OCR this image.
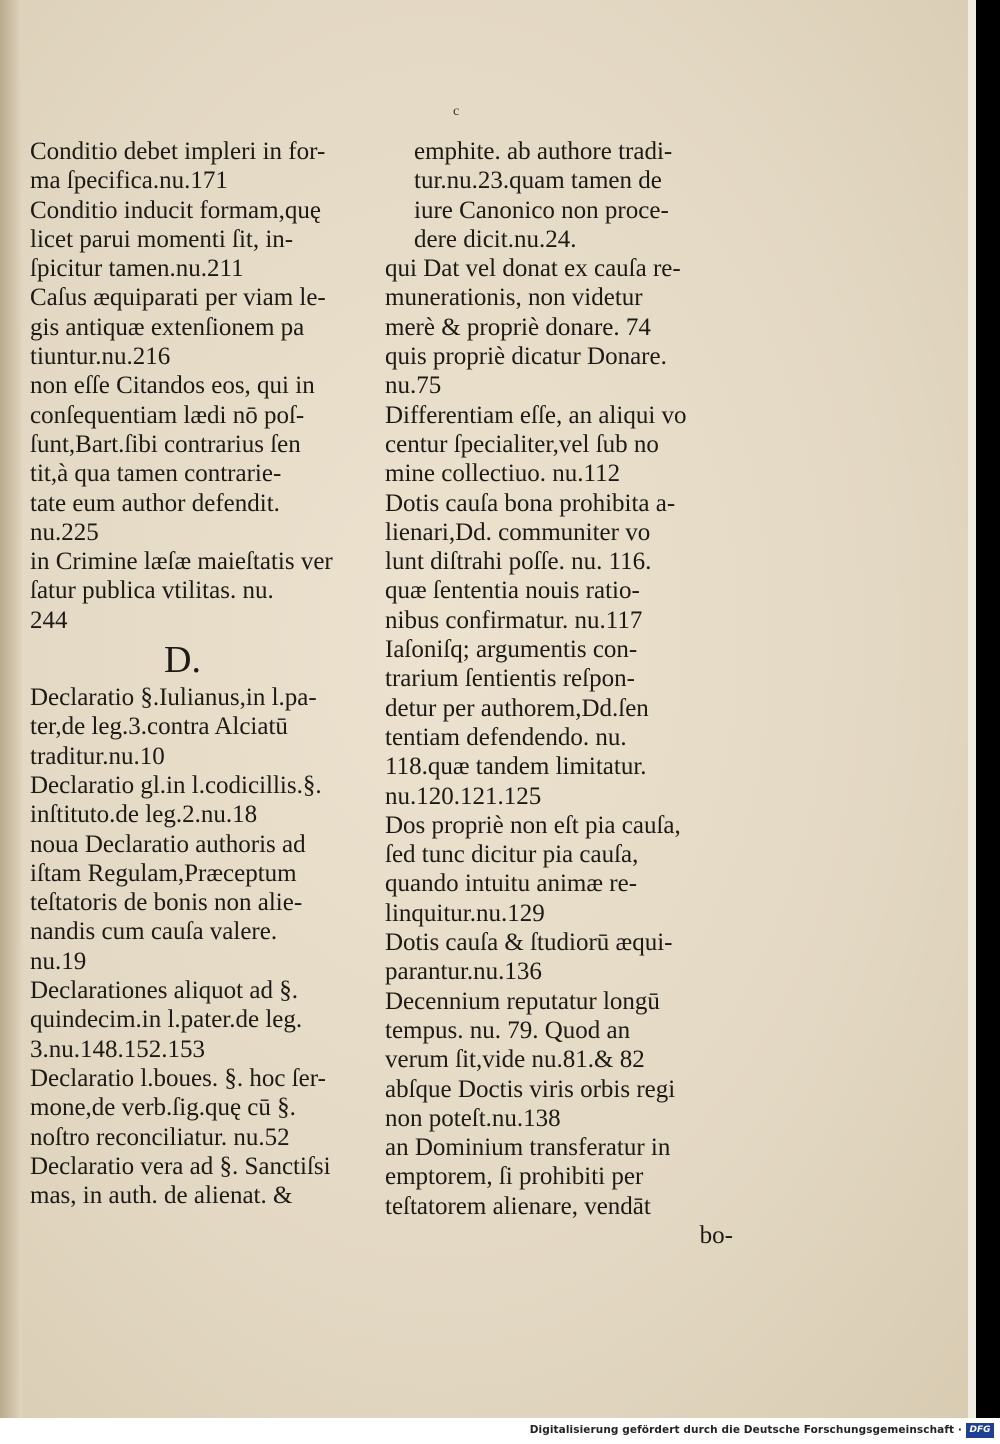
c

Conditio debet impleri in for-
ma ſpecifica.nu.171

Conditio inducit formam,quę
licet parui momenti ſit, in-
ſpicitur tamen.nu.211

Caſus æquiparati per viam le-
gis antiquæ extenſionem pa
tiuntur.nu.216

non eſſe Citandos eos, qui in
conſequentiam lædi nō poſ-
ſunt,Bart.ſibi contrarius ſen
tit,à qua tamen contrarie-
tate eum author defendit.
nu.225

in Crimine læſæ maieſtatis ver
ſatur publica vtilitas. nu.
244

D.

Declaratio §.Iulianus,in l.pa-
ter,de leg.3.contra Alciatū
traditur.nu.10

Declaratio gl.in l.codicillis.§.
inſtituto.de leg.2.nu.18

noua Declaratio authoris ad
iſtam Regulam,Præceptum
teſtatoris de bonis non alie-
nandis cum cauſa valere.
nu.19

Declarationes aliquot ad §.
quindecim.in l.pater.de leg.
3.nu.148.152.153

Declaratio l.boues. §. hoc ſer-
mone,de verb.ſig.quę cū §.
noſtro reconciliatur. nu.52

Declaratio vera ad §. Sanctiſsi
mas, in auth. de alienat. &

emphite. ab authore tradi-
tur.nu.23.quam tamen de
iure Canonico non proce-
dere dicit.nu.24.

qui Dat vel donat ex cauſa re-
munerationis, non videtur
merè & propriè donare. 74

quis propriè dicatur Donare.
nu.75

Differentiam eſſe, an aliqui vo
centur ſpecialiter,vel ſub no
mine collectiuo. nu.112

Dotis cauſa bona prohibita a-
lienari,Dd. communiter vo
lunt diſtrahi poſſe. nu. 116.
quæ ſententia nouis ratio-
nibus confirmatur. nu.117
Iaſoniſq; argumentis con-
trarium ſentientis reſpon-
detur per authorem,Dd.ſen
tentiam defendendo. nu.
118.quæ tandem limitatur.
nu.120.121.125

Dos propriè non eſt pia cauſa,
ſed tunc dicitur pia cauſa,
quando intuitu animæ re-
linquitur.nu.129

Dotis cauſa & ſtudiorū æqui-
parantur.nu.136

Decennium reputatur longū
tempus. nu. 79. Quod an
verum ſit,vide nu.81.& 82

abſque Doctis viris orbis regi
non poteſt.nu.138

an Dominium transferatur in
emptorem, ſi prohibiti per
teſtatorem alienare, vendāt

bo-
Digitalisierung gefördert durch die Deutsche Forschungsgemeinschaft · DFG
